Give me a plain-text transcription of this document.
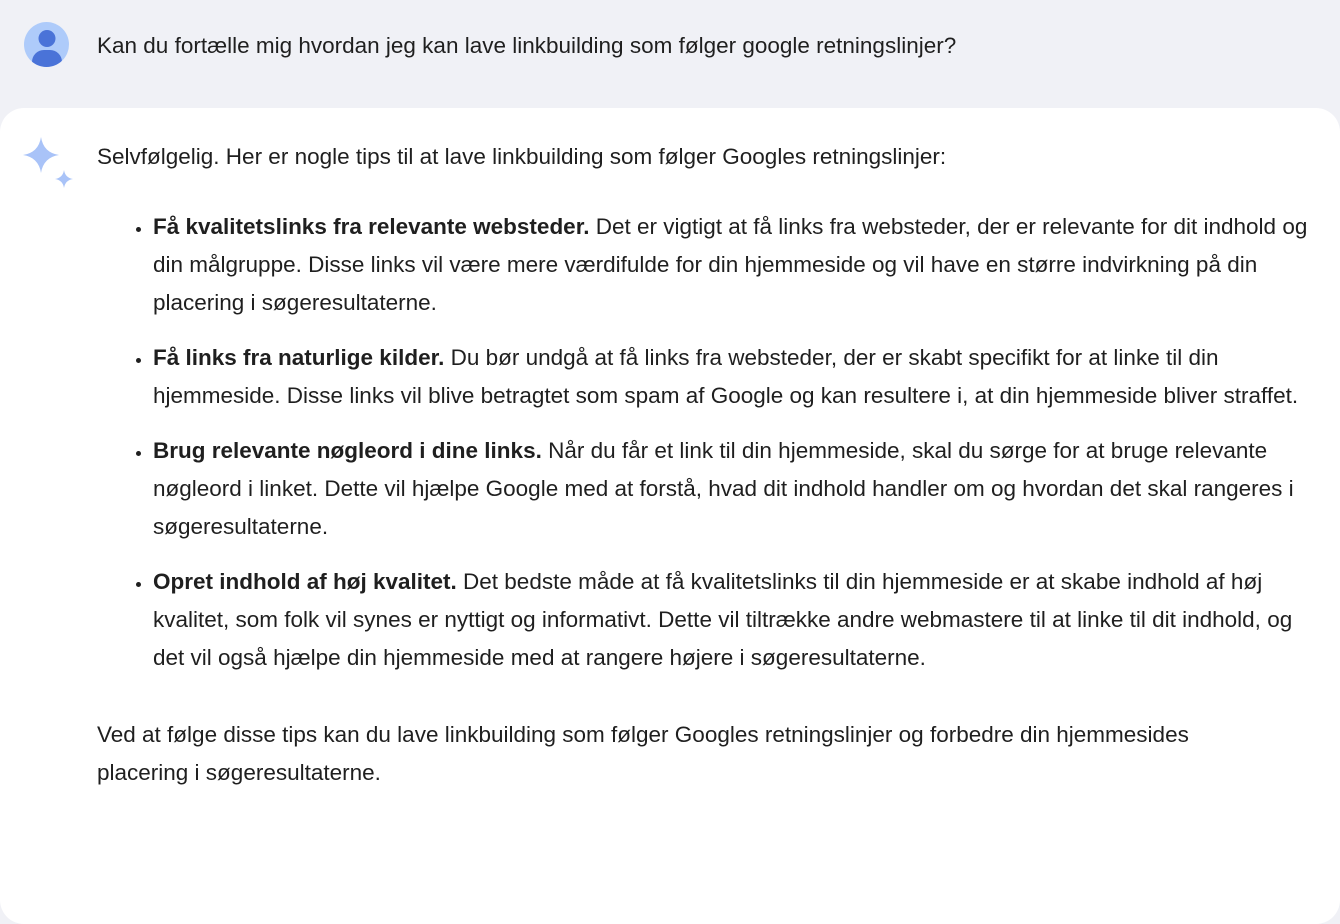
Kan du fortælle mig hvordan jeg kan lave linkbuilding som følger google retningslinjer?

Selvfølgelig. Her er nogle tips til at lave linkbuilding som følger Googles retningslinjer:

• Få kvalitetslinks fra relevante websteder. Det er vigtigt at få links fra websteder, der er relevante for dit indhold og din målgruppe. Disse links vil være mere værdifulde for din hjemmeside og vil have en større indvirkning på din placering i søgeresultaterne.
• Få links fra naturlige kilder. Du bør undgå at få links fra websteder, der er skabt specifikt for at linke til din hjemmeside. Disse links vil blive betragtet som spam af Google og kan resultere i, at din hjemmeside bliver straffet.
• Brug relevante nøgleord i dine links. Når du får et link til din hjemmeside, skal du sørge for at bruge relevante nøgleord i linket. Dette vil hjælpe Google med at forstå, hvad dit indhold handler om og hvordan det skal rangeres i søgeresultaterne.
• Opret indhold af høj kvalitet. Det bedste måde at få kvalitetslinks til din hjemmeside er at skabe indhold af høj kvalitet, som folk vil synes er nyttigt og informativt. Dette vil tiltrække andre webmastere til at linke til dit indhold, og det vil også hjælpe din hjemmeside med at rangere højere i søgeresultaterne.

Ved at følge disse tips kan du lave linkbuilding som følger Googles retningslinjer og forbedre din hjemmesides placering i søgeresultaterne.
